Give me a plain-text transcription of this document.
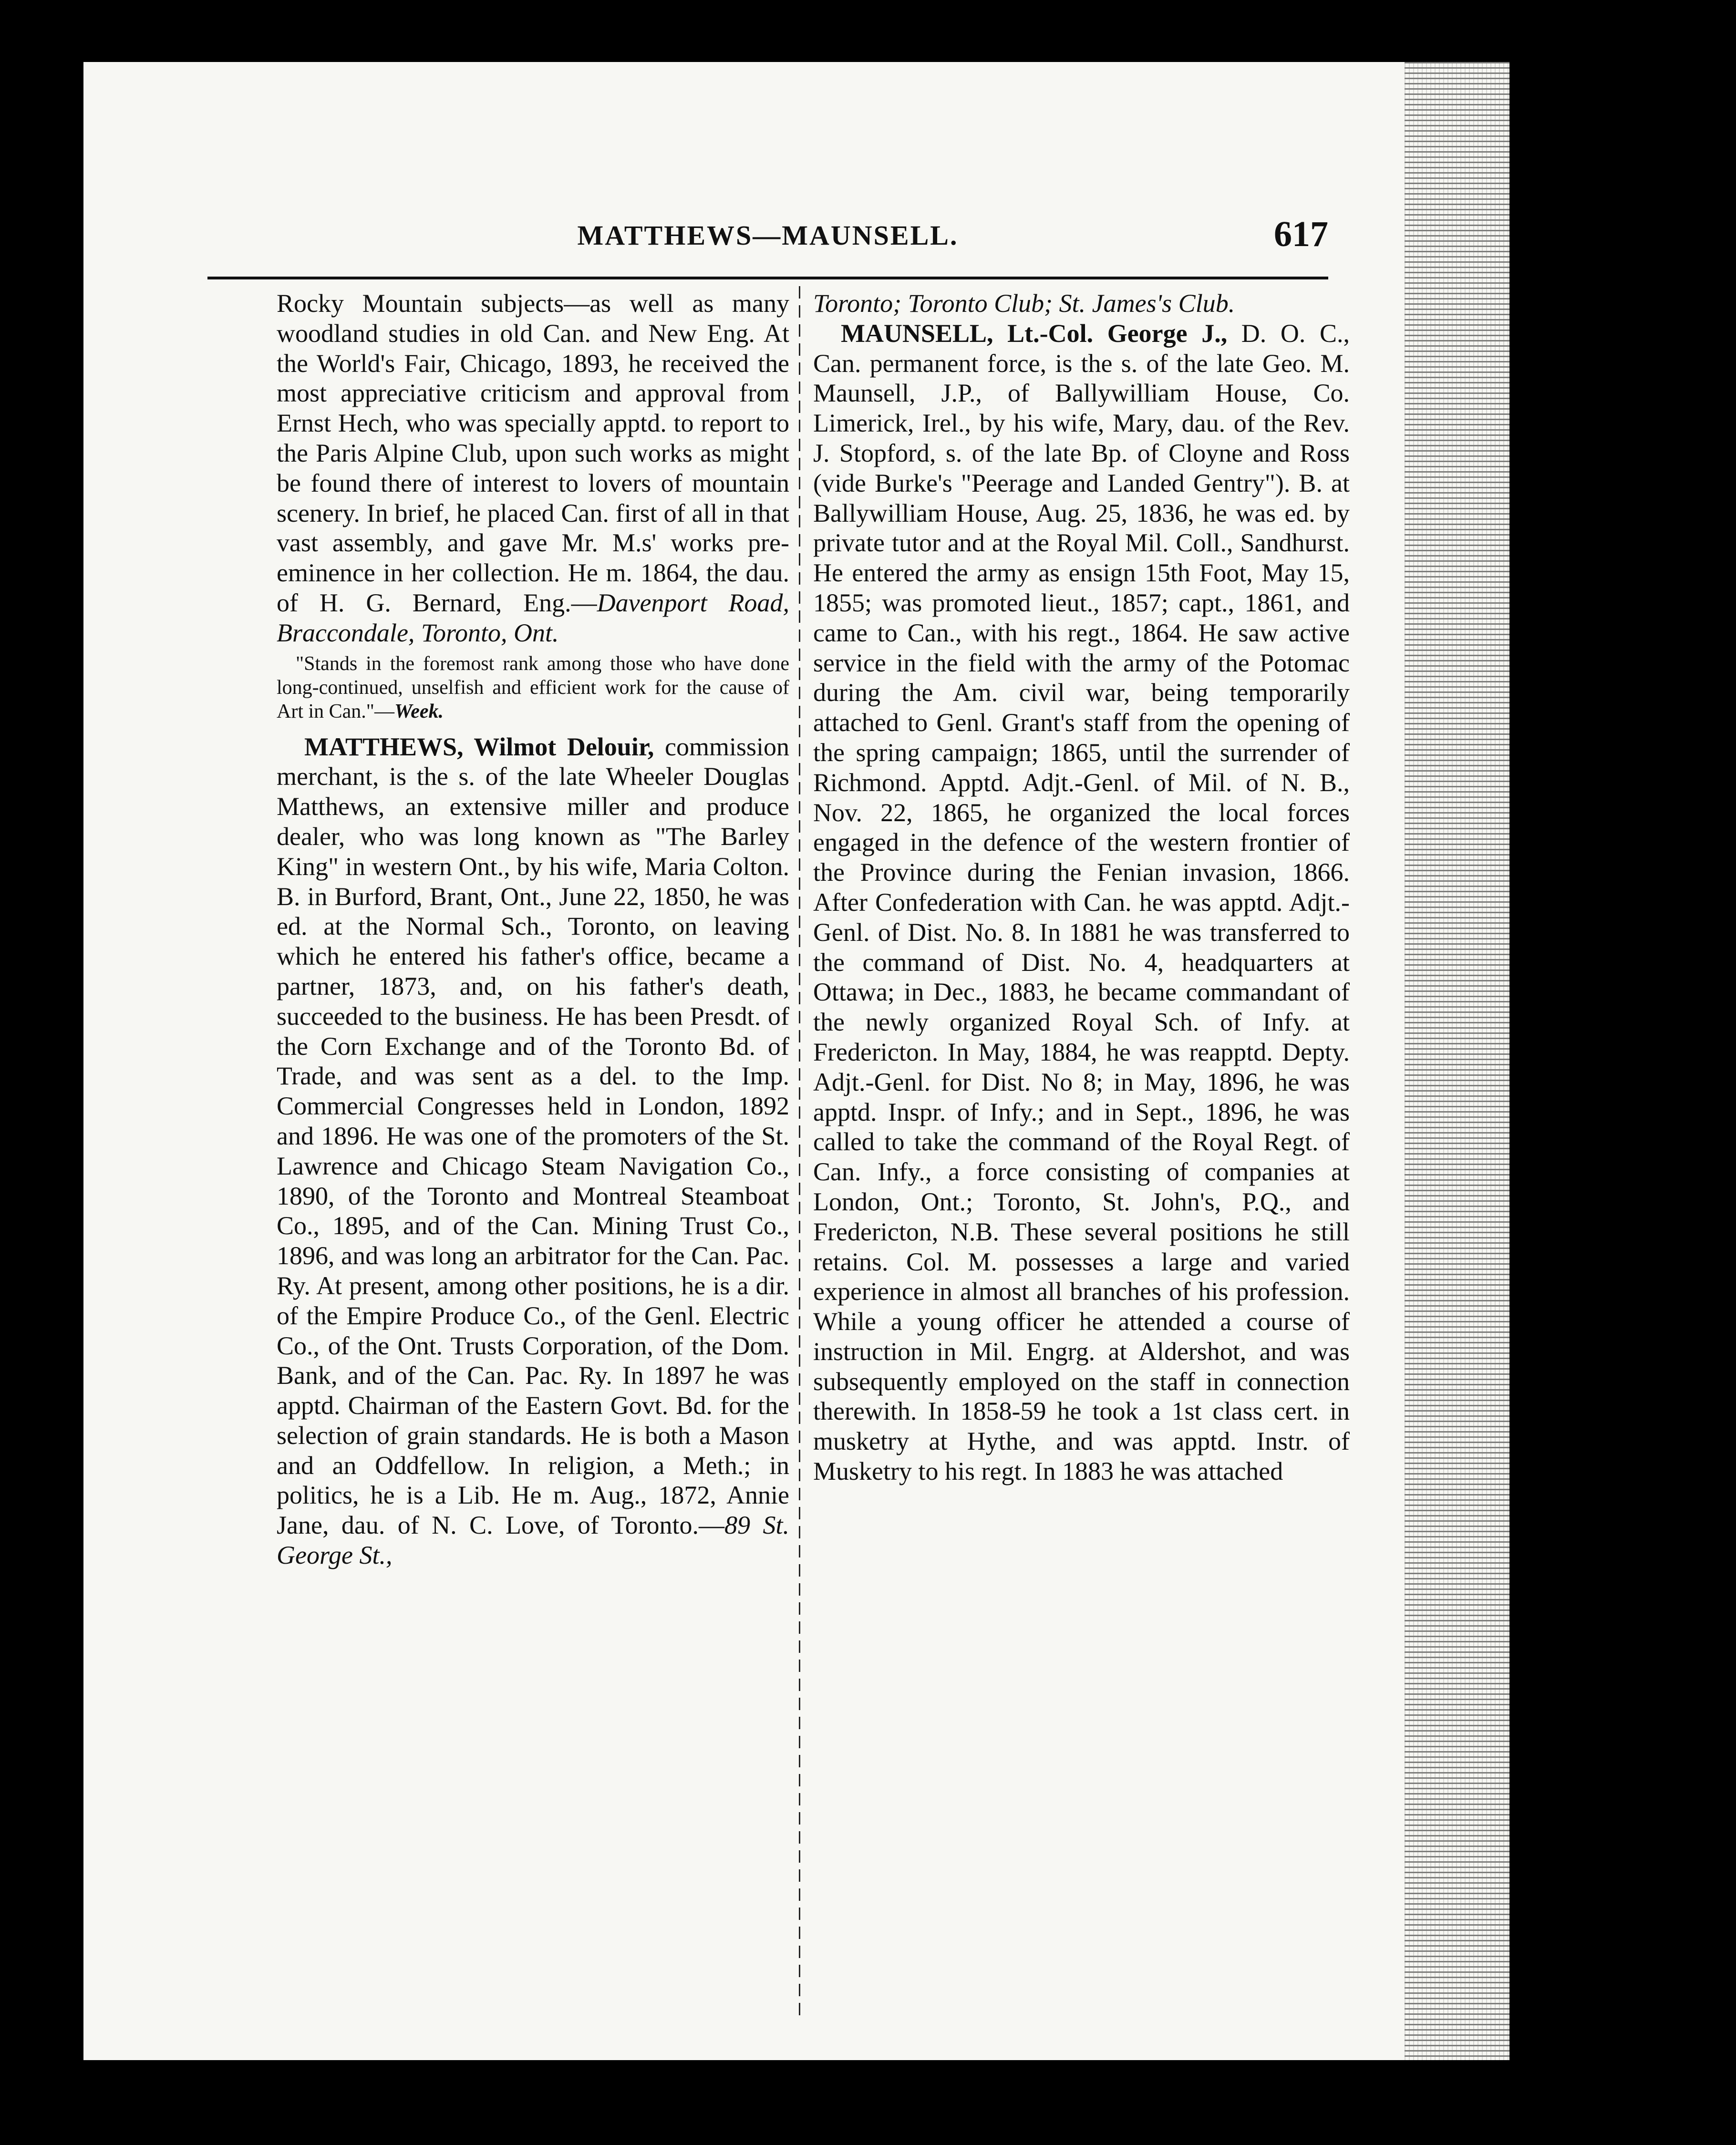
MATTHEWS—MAUNSELL.	617

Rocky Mountain subjects—as well as many woodland studies in old Can. and New Eng. At the World's Fair, Chicago, 1893, he received the most appreciative criticism and approval from Ernst Hech, who was specially apptd. to report to the Paris Alpine Club, upon such works as might be found there of interest to lovers of mountain scenery. In brief, he placed Can. first of all in that vast assembly, and gave Mr. M.s' works pre-eminence in her collection. He m. 1864, the dau. of H. G. Bernard, Eng.—Davenport Road, Braccondale, Toronto, Ont.

"Stands in the foremost rank among those who have done long-continued, unselfish and efficient work for the cause of Art in Can."—Week.

MATTHEWS, Wilmot Delouir, commission merchant, is the s. of the late Wheeler Douglas Matthews, an extensive miller and produce dealer, who was long known as "The Barley King" in western Ont., by his wife, Maria Colton. B. in Burford, Brant, Ont., June 22, 1850, he was ed. at the Normal Sch., Toronto, on leaving which he entered his father's office, became a partner, 1873, and, on his father's death, succeeded to the business. He has been Presdt. of the Corn Exchange and of the Toronto Bd. of Trade, and was sent as a del. to the Imp. Commercial Congresses held in London, 1892 and 1896. He was one of the promoters of the St. Lawrence and Chicago Steam Navigation Co., 1890, of the Toronto and Montreal Steamboat Co., 1895, and of the Can. Mining Trust Co., 1896, and was long an arbitrator for the Can. Pac. Ry. At present, among other positions, he is a dir. of the Empire Produce Co., of the Genl. Electric Co., of the Ont. Trusts Corporation, of the Dom. Bank, and of the Can. Pac. Ry. In 1897 he was apptd. Chairman of the Eastern Govt. Bd. for the selection of grain standards. He is both a Mason and an Oddfellow. In religion, a Meth.; in politics, he is a Lib. He m. Aug., 1872, Annie Jane, dau. of N. C. Love, of Toronto.—89 St. George St.,

Toronto; Toronto Club; St. James's Club.

MAUNSELL, Lt.-Col. George J., D. O. C., Can. permanent force, is the s. of the late Geo. M. Maunsell, J.P., of Ballywilliam House, Co. Limerick, Irel., by his wife, Mary, dau. of the Rev. J. Stopford, s. of the late Bp. of Cloyne and Ross (vide Burke's "Peerage and Landed Gentry"). B. at Ballywilliam House, Aug. 25, 1836, he was ed. by private tutor and at the Royal Mil. Coll., Sandhurst. He entered the army as ensign 15th Foot, May 15, 1855; was promoted lieut., 1857; capt., 1861, and came to Can., with his regt., 1864. He saw active service in the field with the army of the Potomac during the Am. civil war, being temporarily attached to Genl. Grant's staff from the opening of the spring campaign; 1865, until the surrender of Richmond. Apptd. Adjt.-Genl. of Mil. of N. B., Nov. 22, 1865, he organized the local forces engaged in the defence of the western frontier of the Province during the Fenian invasion, 1866. After Confederation with Can. he was apptd. Adjt.-Genl. of Dist. No. 8. In 1881 he was transferred to the command of Dist. No. 4, headquarters at Ottawa; in Dec., 1883, he became commandant of the newly organized Royal Sch. of Infy. at Fredericton. In May, 1884, he was reapptd. Depty. Adjt.-Genl. for Dist. No 8; in May, 1896, he was apptd. Inspr. of Infy.; and in Sept., 1896, he was called to take the command of the Royal Regt. of Can. Infy., a force consisting of companies at London, Ont.; Toronto, St. John's, P.Q., and Fredericton, N.B. These several positions he still retains. Col. M. possesses a large and varied experience in almost all branches of his profession. While a young officer he attended a course of instruction in Mil. Engrg. at Aldershot, and was subsequently employed on the staff in connection therewith. In 1858-59 he took a 1st class cert. in musketry at Hythe, and was apptd. Instr. of Musketry to his regt. In 1883 he was attached
